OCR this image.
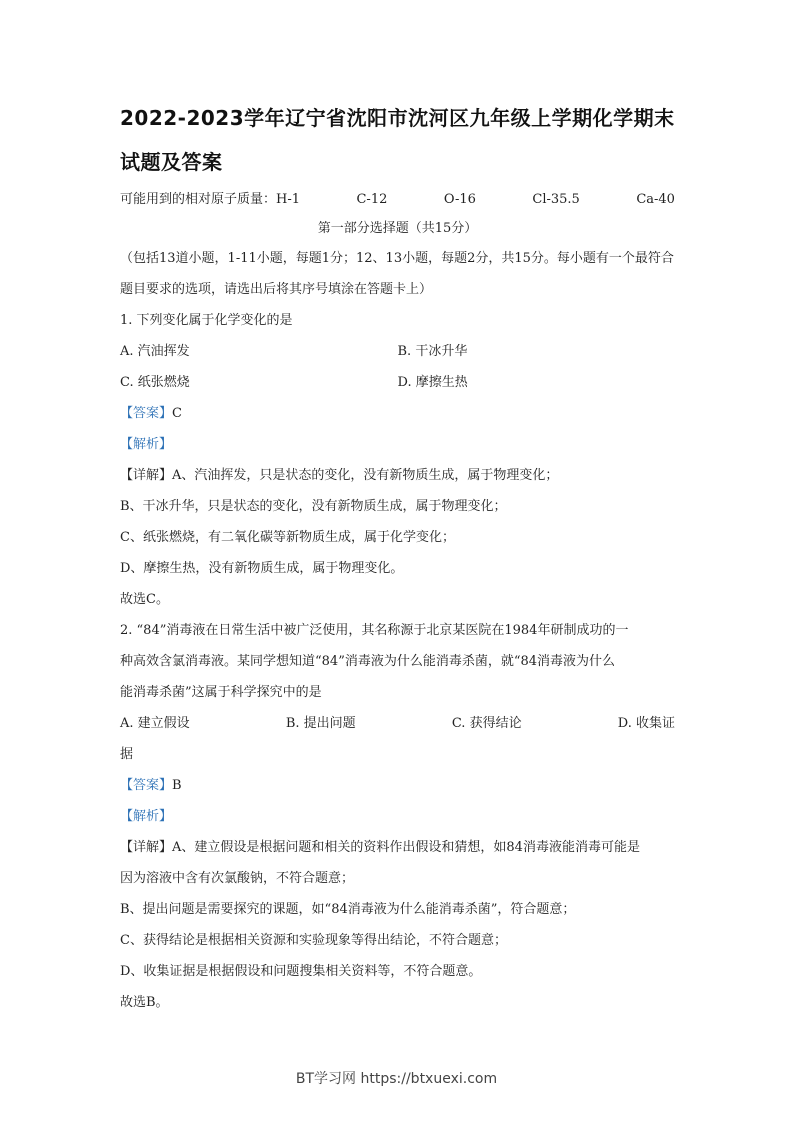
2022-2023学年辽宁省沈阳市沈河区九年级上学期化学期末
试题及答案
可能用到的相对原子质量：H-1	C-12	O-16	Cl-35.5	Ca-40
第一部分选择题（共15分）
（包括13道小题，1-11小题，每题1分；12、13小题，每题2分，共15分。每小题有一个最符合题目要求的选项，请选出后将其序号填涂在答题卡上）
1. 下列变化属于化学变化的是
A. 汽油挥发	B. 干冰升华
C. 纸张燃烧	D. 摩擦生热
【答案】C
【解析】
【详解】A、汽油挥发，只是状态的变化，没有新物质生成，属于物理变化；
B、干冰升华，只是状态的变化，没有新物质生成，属于物理变化；
C、纸张燃烧，有二氧化碳等新物质生成，属于化学变化；
D、摩擦生热，没有新物质生成，属于物理变化。
故选C。
2. “84”消毒液在日常生活中被广泛使用，其名称源于北京某医院在1984年研制成功的一
种高效含氯消毒液。某同学想知道“84”消毒液为什么能消毒杀菌，就“84消毒液为什么
能消毒杀菌”这属于科学探究中的是
A. 建立假设	B. 提出问题	C. 获得结论	D. 收集证
据
【答案】B
【解析】
【详解】A、建立假设是根据问题和相关的资料作出假设和猜想，如84消毒液能消毒可能是
因为溶液中含有次氯酸钠，不符合题意；
B、提出问题是需要探究的课题，如“84消毒液为什么能消毒杀菌”，符合题意；
C、获得结论是根据相关资源和实验现象等得出结论，不符合题意；
D、收集证据是根据假设和问题搜集相关资料等，不符合题意。
故选B。
BT学习网 https://btxuexi.com
